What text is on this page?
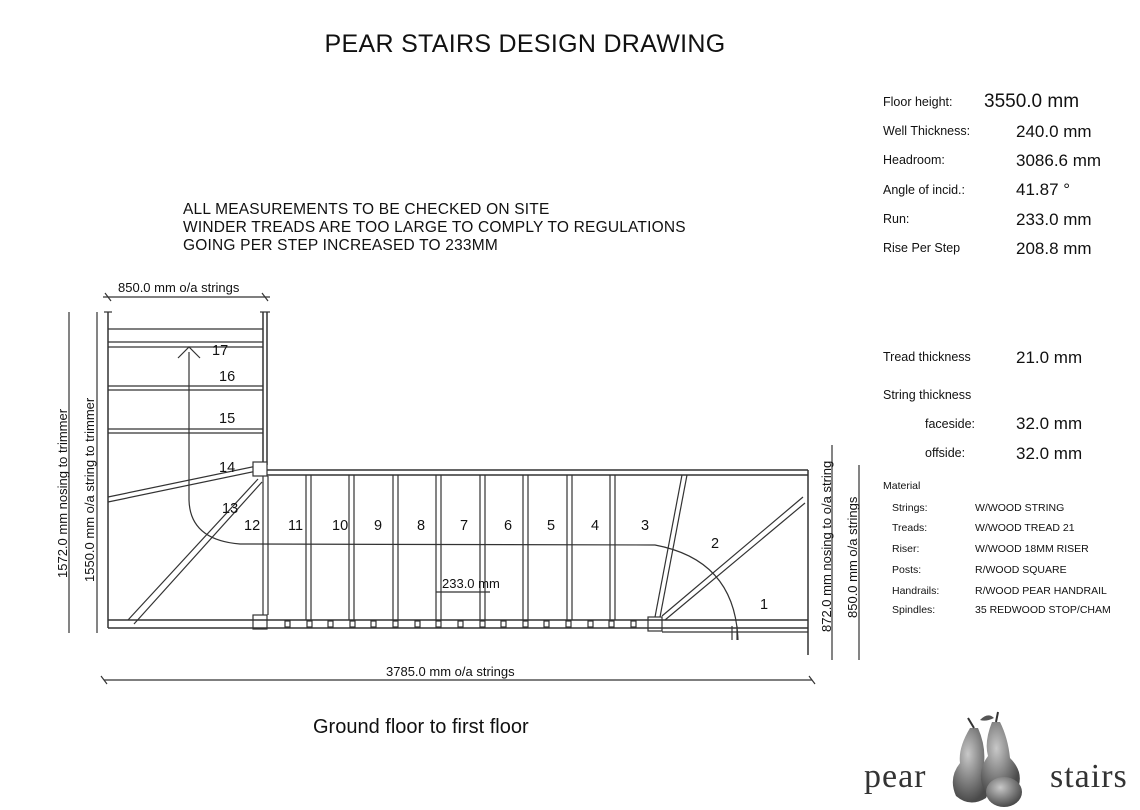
PEAR STAIRS DESIGN DRAWING
ALL MEASUREMENTS TO BE CHECKED ON SITE
WINDER TREADS ARE TOO LARGE TO COMPLY TO REGULATIONS
GOING PER STEP INCREASED TO 233MM
Floor height: 3550.0 mm
Well Thickness:	240.0 mm
Headroom:	3086.6 mm
Angle of incid.:	41.87 °
Run:	233.0 mm
Rise Per Step	208.8 mm
Tread thickness	21.0 mm
String thickness
faceside: 32.0 mm
offside:	32.0 mm
Material
Strings:	W/WOOD STRING
Treads:	W/WOOD TREAD 21
Riser:	W/WOOD 18MM RISER
Posts:	R/WOOD SQUARE
Handrails:	R/WOOD PEAR HANDRAIL
Spindles:	35 REDWOOD STOP/CHAM
1
2
3
4
5
6
7
8
9
10
11
12
13
14
15
16
17
850.0 mm o/a strings
233.0 mm
3785.0 mm o/a strings
1572.0 mm nosing to trimmer 1550.0 mm o/a string to trimmer	872.0 mm nosing to o/a string 850.0 mm o/a strings
Ground floor to first floor
pear	stairs
